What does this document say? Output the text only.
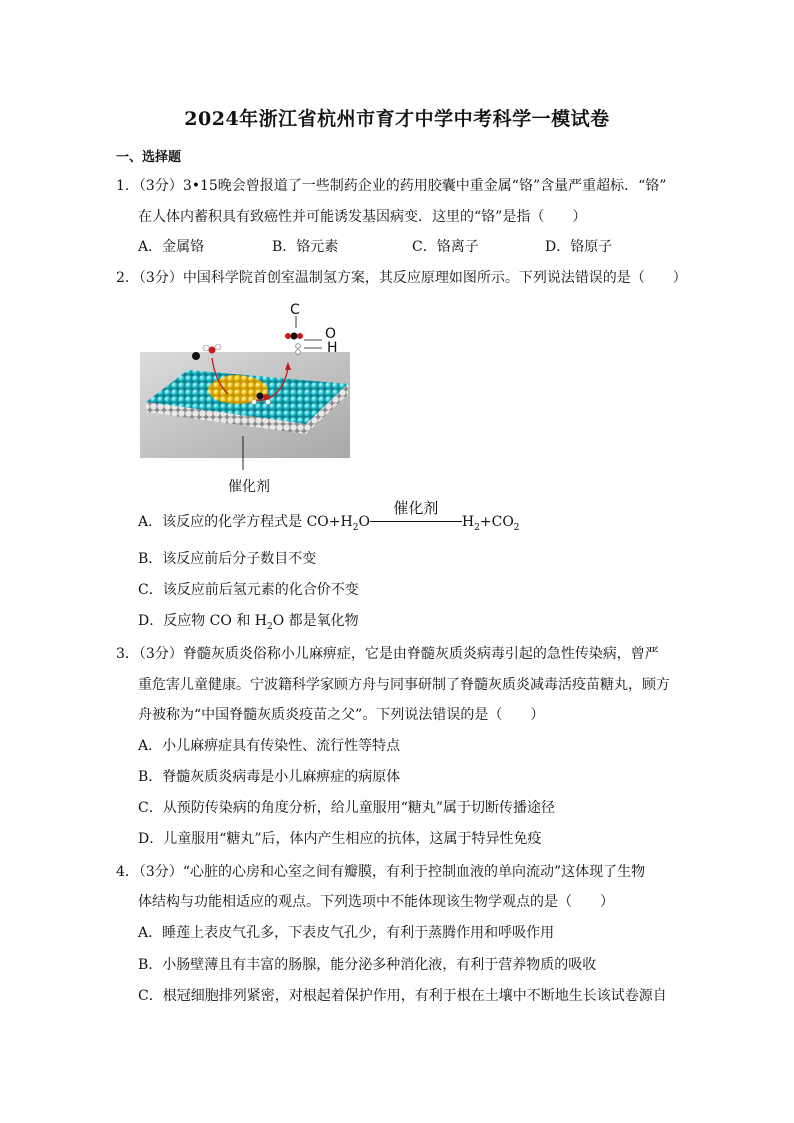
2024年浙江省杭州市育才中学中考科学一模试卷
一、选择题
1．（3分）3•15晚会曾报道了一些制药企业的药用胶囊中重金属“铬”含量严重超标．“铬”
在人体内蓄积具有致癌性并可能诱发基因病变．这里的“铬”是指（　　）
A．金属铬	B．铬元素	C．铬离子	D．铬原子
2．（3分）中国科学院首创室温制氢方案，其反应原理如图所示。下列说法错误的是（　　）
C
O
H
催化剂
A．该反应的化学方程式是 $CO+H_2O$
催化剂
$H_2+CO_2$
B．该反应前后分子数目不变
C．该反应前后氢元素的化合价不变
D．反应物 CO 和 $H_2O$ 都是氧化物
3．（3分）脊髓灰质炎俗称小儿麻痹症，它是由脊髓灰质炎病毒引起的急性传染病，曾严
重危害儿童健康。宁波籍科学家顾方舟与同事研制了脊髓灰质炎减毒活疫苗糖丸，顾方
舟被称为“中国脊髓灰质炎疫苗之父”。下列说法错误的是（　　）
A．小儿麻痹症具有传染性、流行性等特点
B．脊髓灰质炎病毒是小儿麻痹症的病原体
C．从预防传染病的角度分析，给儿童服用“糖丸”属于切断传播途径
D．儿童服用“糖丸”后，体内产生相应的抗体，这属于特异性免疫
4．（3分）“心脏的心房和心室之间有瓣膜，有利于控制血液的单向流动”这体现了生物
体结构与功能相适应的观点。下列选项中不能体现该生物学观点的是（　　）
A．睡莲上表皮气孔多，下表皮气孔少，有利于蒸腾作用和呼吸作用
B．小肠壁薄且有丰富的肠腺，能分泌多种消化液，有利于营养物质的吸收
C．根冠细胞排列紧密，对根起着保护作用，有利于根在土壤中不断地生长该试卷源自
